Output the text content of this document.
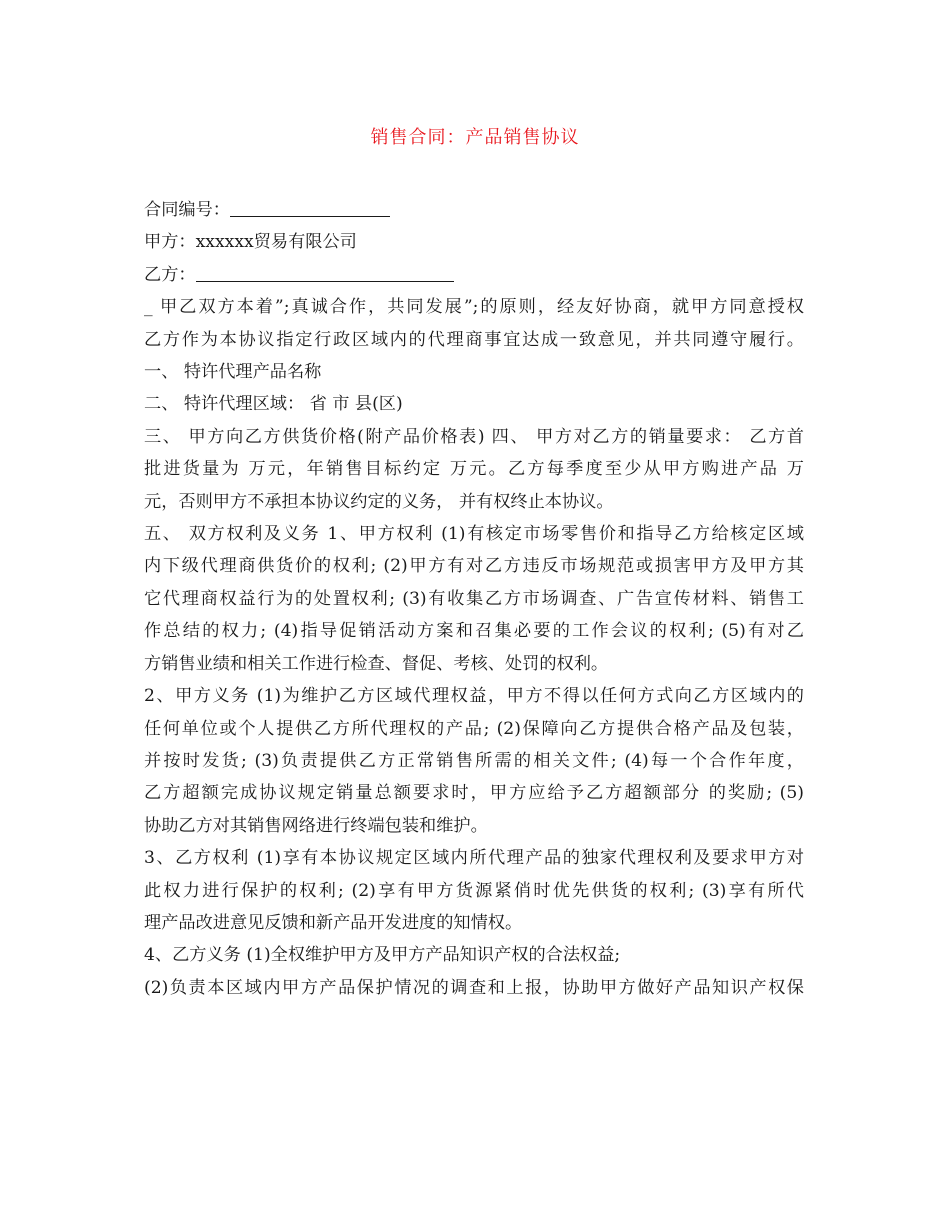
销售合同：产品销售协议

合同编号：

甲方：xxxxxx贸易有限公司

乙方：

_ 甲乙双方本着”;真诚合作，共同发展”;的原则，经友好协商，就甲方同意授权

乙方作为本协议指定行政区域内的代理商事宜达成一致意见，并共同遵守履行。

一、 特许代理产品名称

二、 特许代理区域： 省 市 县(区)

三、 甲方向乙方供货价格(附产品价格表) 四、 甲方对乙方的销量要求： 乙方首

批进货量为 万元，年销售目标约定 万元。乙方每季度至少从甲方购进产品 万

元，否则甲方不承担本协议约定的义务， 并有权终止本协议。

五、 双方权利及义务 1、甲方权利 (1)有核定市场零售价和指导乙方给核定区域

内下级代理商供货价的权利; (2)甲方有对乙方违反市场规范或损害甲方及甲方其

它代理商权益行为的处置权利; (3)有收集乙方市场调查、广告宣传材料、销售工

作总结的权力; (4)指导促销活动方案和召集必要的工作会议的权利; (5)有对乙

方销售业绩和相关工作进行检查、督促、考核、处罚的权利。

2、甲方义务 (1)为维护乙方区域代理权益，甲方不得以任何方式向乙方区域内的

任何单位或个人提供乙方所代理权的产品; (2)保障向乙方提供合格产品及包装，

并按时发货; (3)负责提供乙方正常销售所需的相关文件; (4)每一个合作年度，

乙方超额完成协议规定销量总额要求时，甲方应给予乙方超额部分 的奖励; (5)

协助乙方对其销售网络进行终端包装和维护。

3、乙方权利 (1)享有本协议规定区域内所代理产品的独家代理权利及要求甲方对

此权力进行保护的权利; (2)享有甲方货源紧俏时优先供货的权利; (3)享有所代

理产品改进意见反馈和新产品开发进度的知情权。

4、乙方义务 (1)全权维护甲方及甲方产品知识产权的合法权益;

(2)负责本区域内甲方产品保护情况的调查和上报，协助甲方做好产品知识产权保
